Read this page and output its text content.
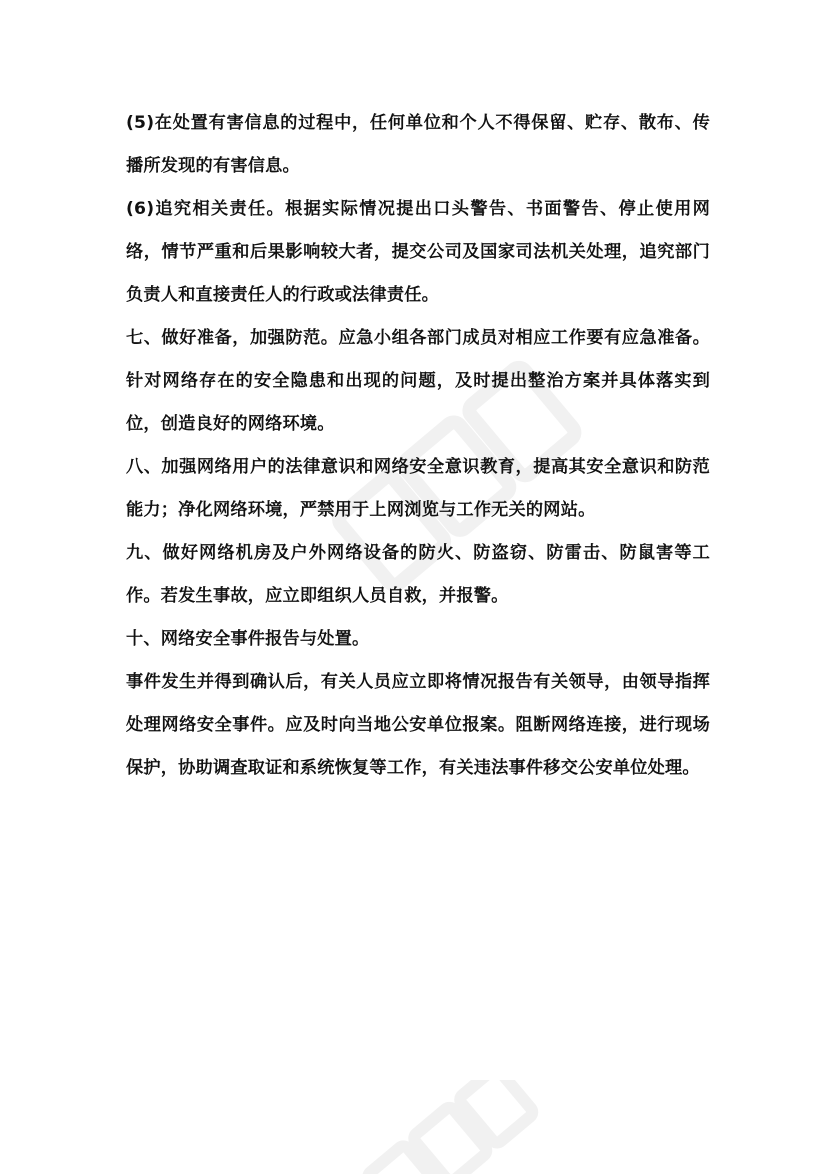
(5)在处置有害信息的过程中，任何单位和个人不得保留、贮存、散布、传播所发现的有害信息。

(6)追究相关责任。根据实际情况提出口头警告、书面警告、停止使用网络，情节严重和后果影响较大者，提交公司及国家司法机关处理，追究部门负责人和直接责任人的行政或法律责任。

七、做好准备，加强防范。应急小组各部门成员对相应工作要有应急准备。针对网络存在的安全隐患和出现的问题，及时提出整治方案并具体落实到位，创造良好的网络环境。

八、加强网络用户的法律意识和网络安全意识教育，提高其安全意识和防范能力；净化网络环境，严禁用于上网浏览与工作无关的网站。

九、做好网络机房及户外网络设备的防火、防盗窃、防雷击、防鼠害等工作。若发生事故，应立即组织人员自救，并报警。

十、网络安全事件报告与处置。

事件发生并得到确认后，有关人员应立即将情况报告有关领导，由领导指挥处理网络安全事件。应及时向当地公安单位报案。阻断网络连接，进行现场保护，协助调查取证和系统恢复等工作，有关违法事件移交公安单位处理。
